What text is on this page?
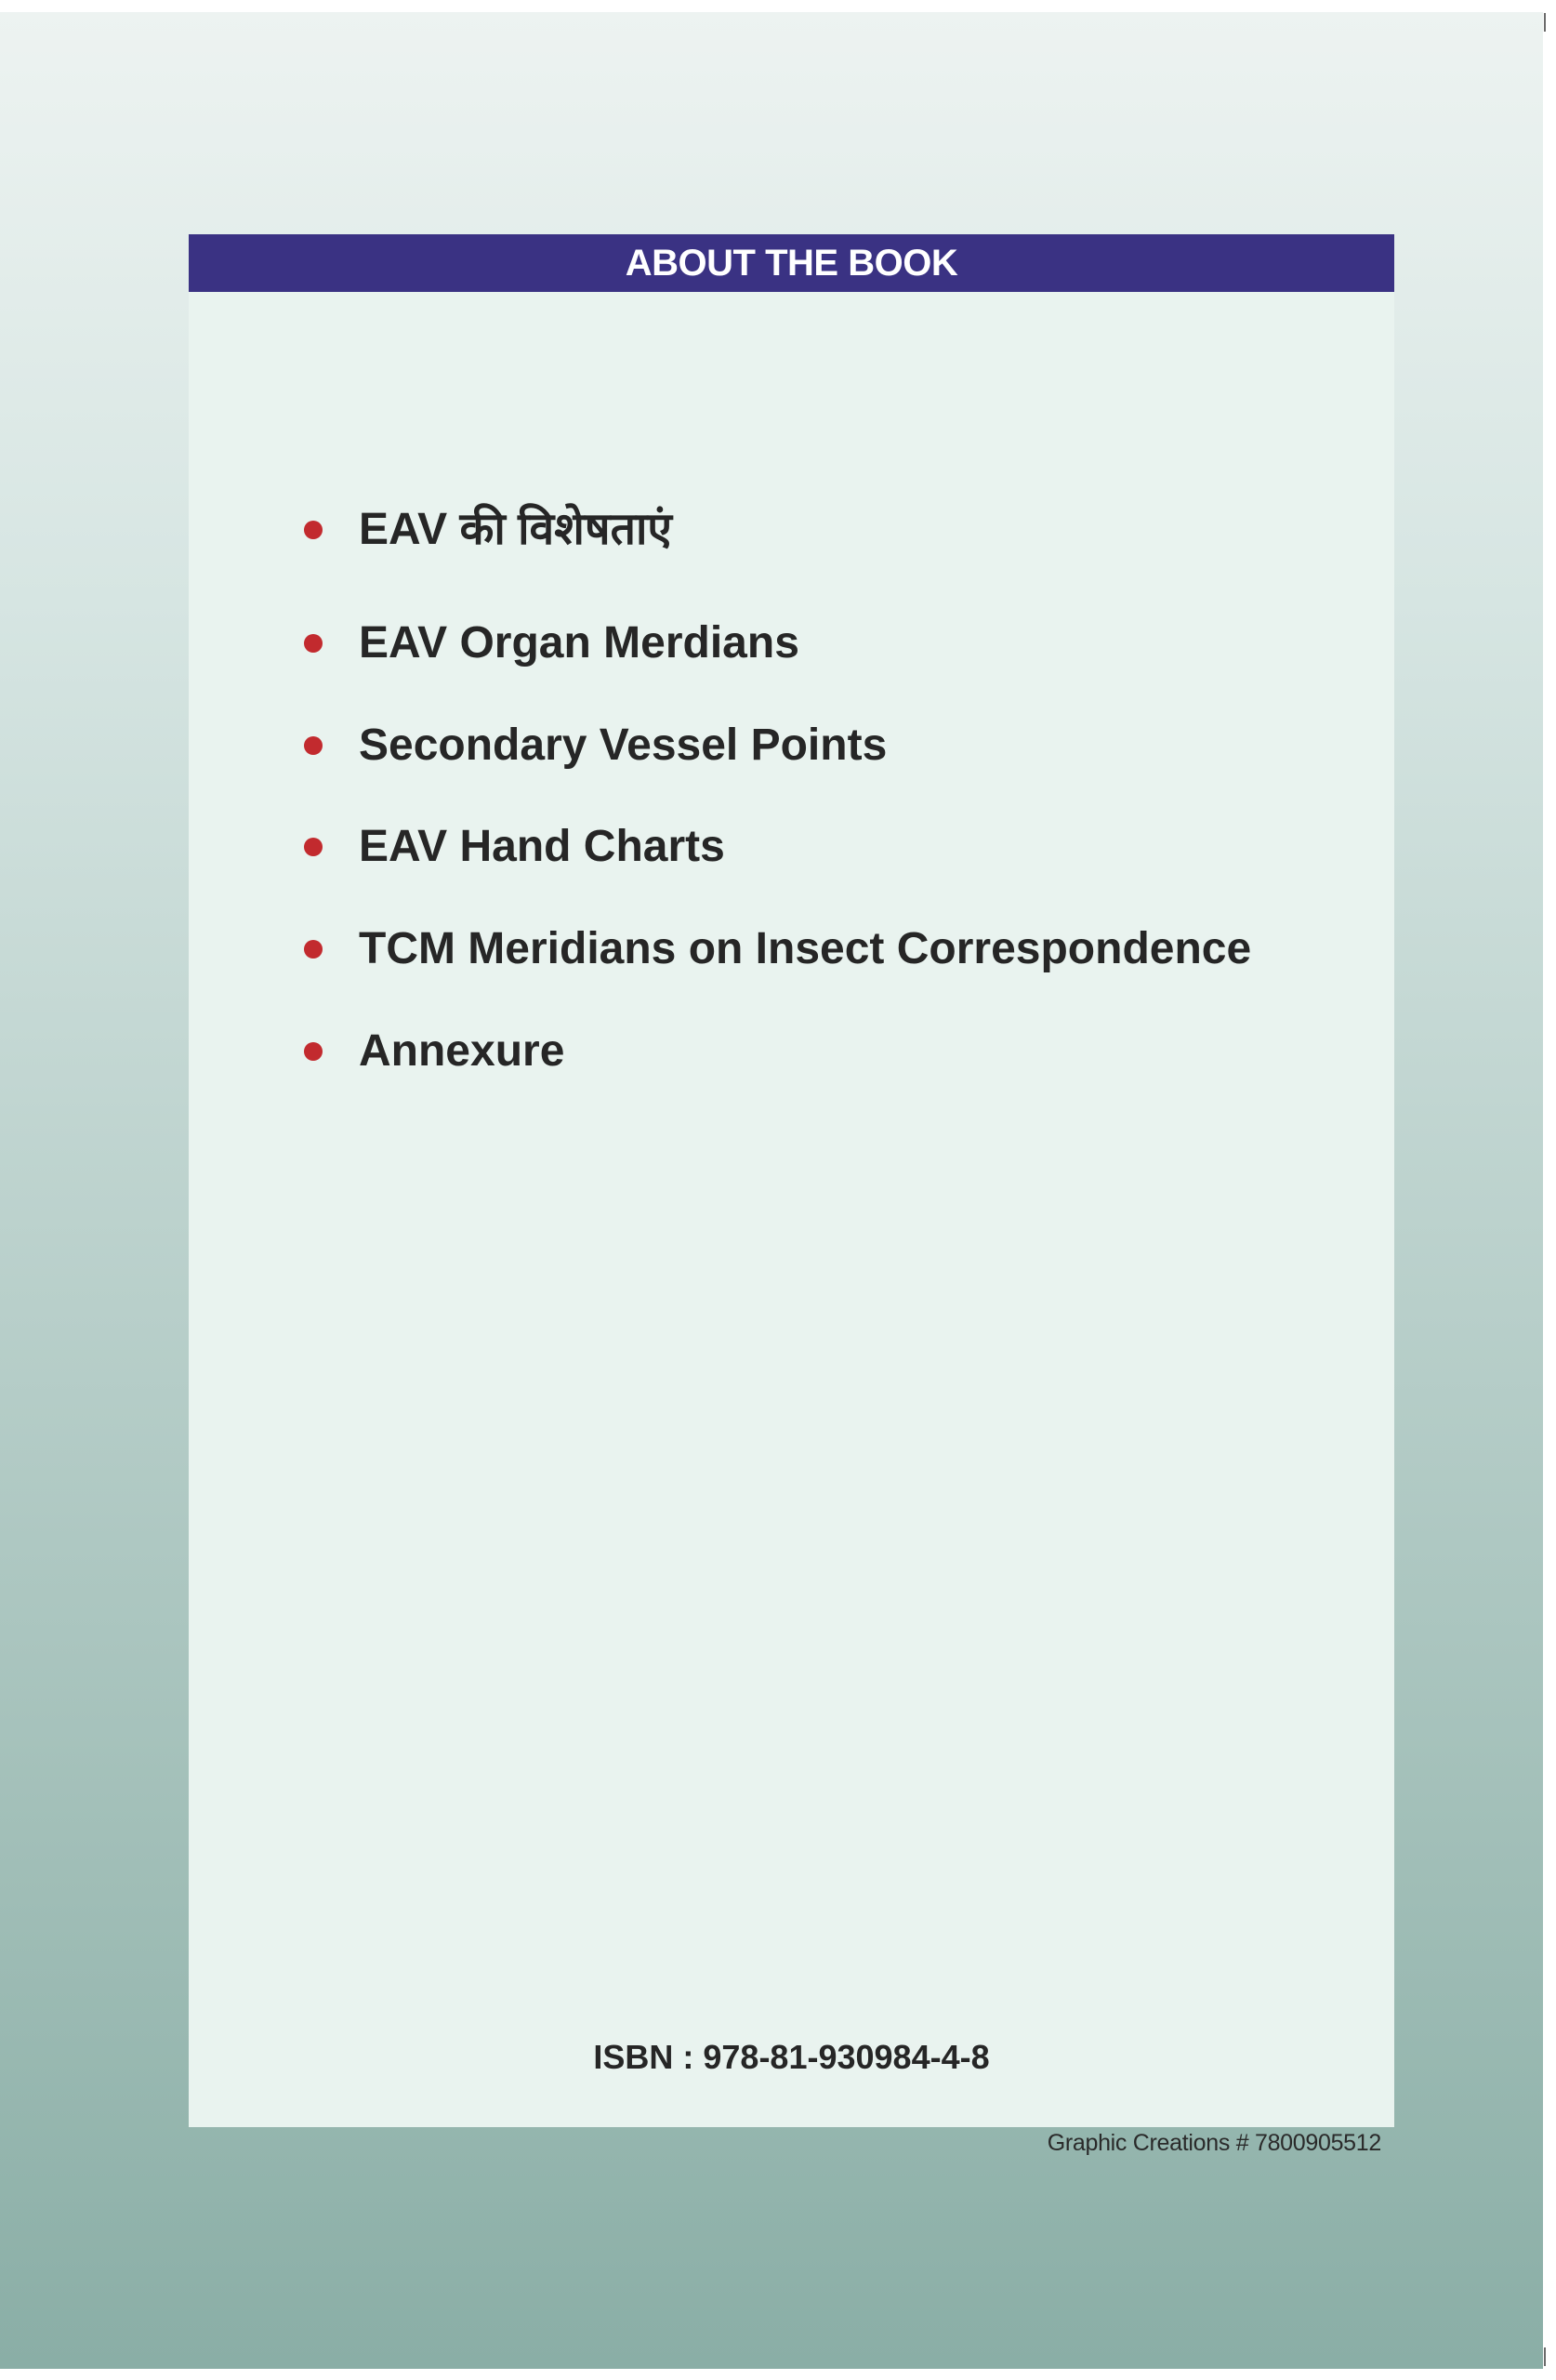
ABOUT THE BOOK
EAV की विशेषताएं
EAV Organ Merdians
Secondary Vessel Points
EAV Hand Charts
TCM Meridians on Insect Correspondence
Annexure
ISBN : 978-81-930984-4-8
Graphic Creations # 7800905512
